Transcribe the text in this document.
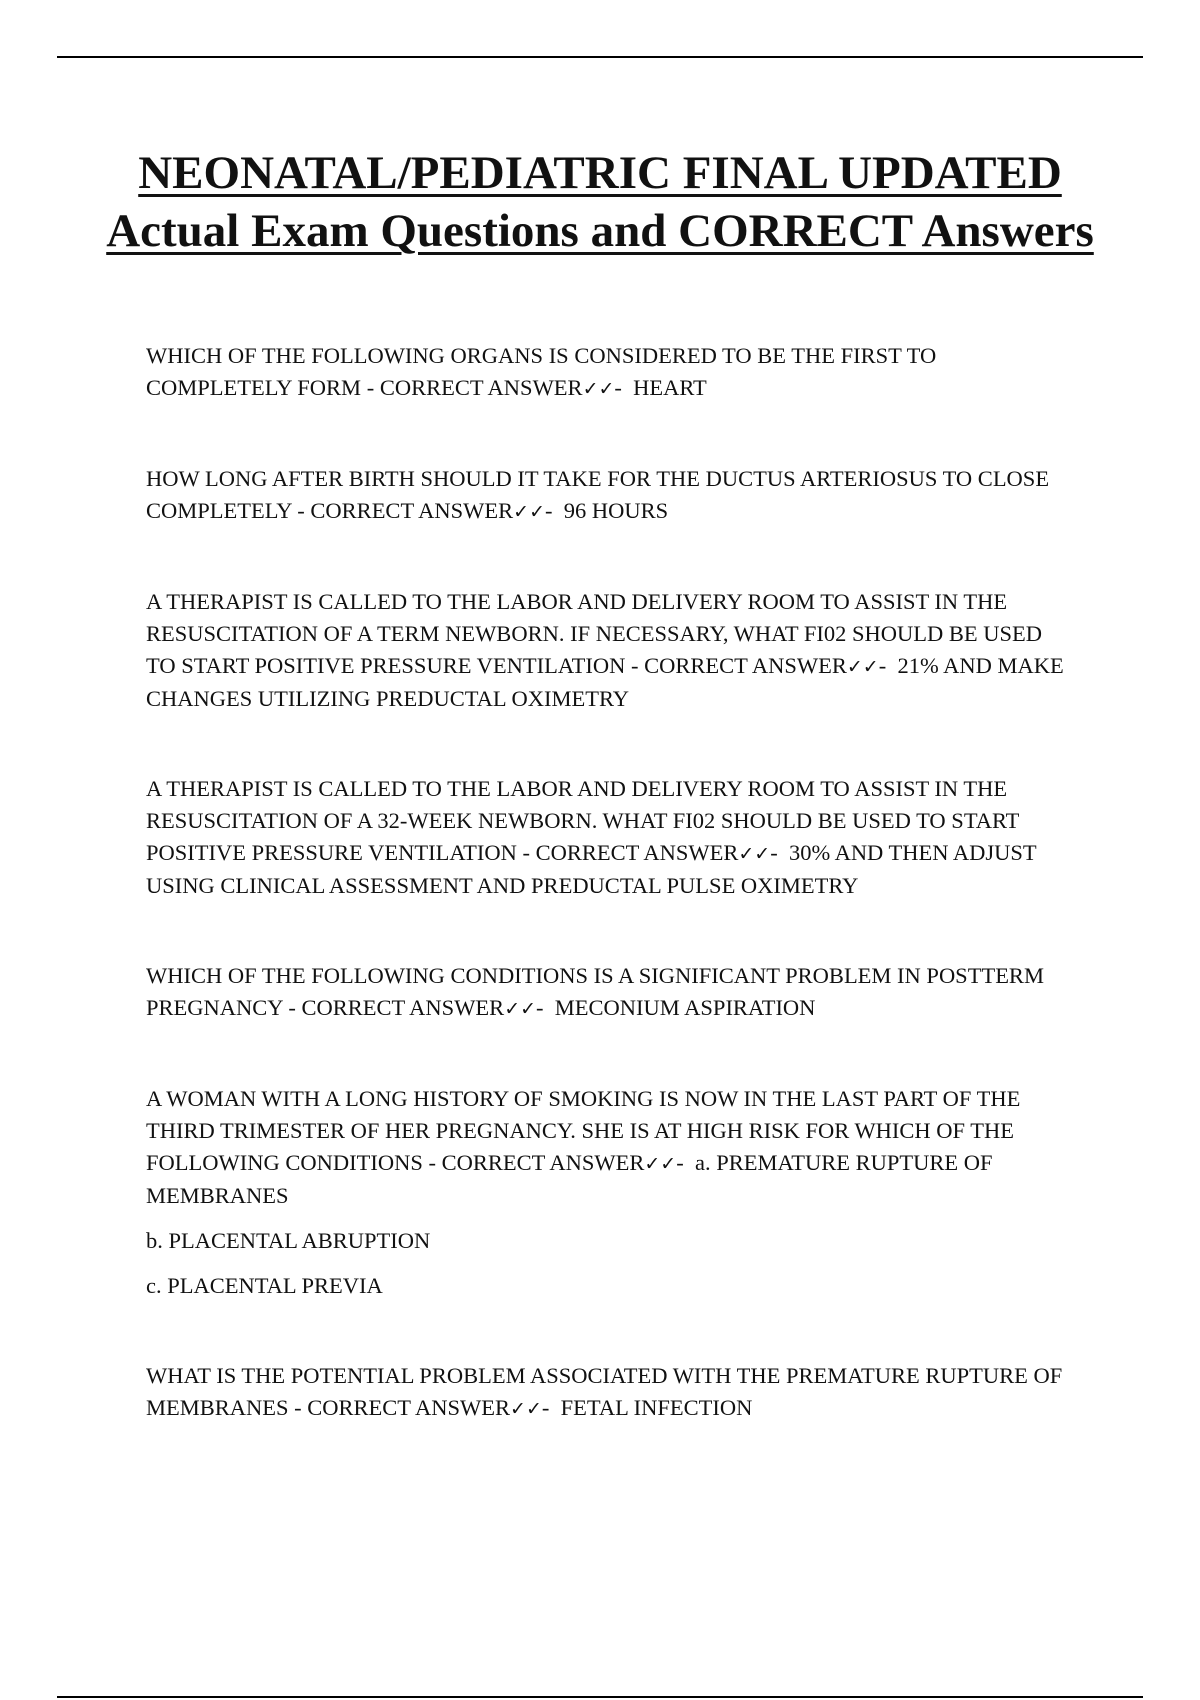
NEONATAL/PEDIATRIC FINAL UPDATED Actual Exam Questions and CORRECT Answers

WHICH OF THE FOLLOWING ORGANS IS CONSIDERED TO BE THE FIRST TO COMPLETELY FORM - CORRECT ANSWER✓✓-  HEART

HOW LONG AFTER BIRTH SHOULD IT TAKE FOR THE DUCTUS ARTERIOSUS TO CLOSE COMPLETELY - CORRECT ANSWER✓✓-  96 HOURS

A THERAPIST IS CALLED TO THE LABOR AND DELIVERY ROOM TO ASSIST IN THE RESUSCITATION OF A TERM NEWBORN. IF NECESSARY, WHAT FI02 SHOULD BE USED TO START POSITIVE PRESSURE VENTILATION - CORRECT ANSWER✓✓-  21% AND MAKE CHANGES UTILIZING PREDUCTAL OXIMETRY

A THERAPIST IS CALLED TO THE LABOR AND DELIVERY ROOM TO ASSIST IN THE RESUSCITATION OF A 32-WEEK NEWBORN. WHAT FI02 SHOULD BE USED TO START POSITIVE PRESSURE VENTILATION - CORRECT ANSWER✓✓-  30% AND THEN ADJUST USING CLINICAL ASSESSMENT AND PREDUCTAL PULSE OXIMETRY

WHICH OF THE FOLLOWING CONDITIONS IS A SIGNIFICANT PROBLEM IN POSTTERM PREGNANCY - CORRECT ANSWER✓✓-  MECONIUM ASPIRATION

A WOMAN WITH A LONG HISTORY OF SMOKING IS NOW IN THE LAST PART OF THE THIRD TRIMESTER OF HER PREGNANCY. SHE IS AT HIGH RISK FOR WHICH OF THE FOLLOWING CONDITIONS - CORRECT ANSWER✓✓-  a. PREMATURE RUPTURE OF MEMBRANES

b. PLACENTAL ABRUPTION

c. PLACENTAL PREVIA

WHAT IS THE POTENTIAL PROBLEM ASSOCIATED WITH THE PREMATURE RUPTURE OF MEMBRANES - CORRECT ANSWER✓✓-  FETAL INFECTION
